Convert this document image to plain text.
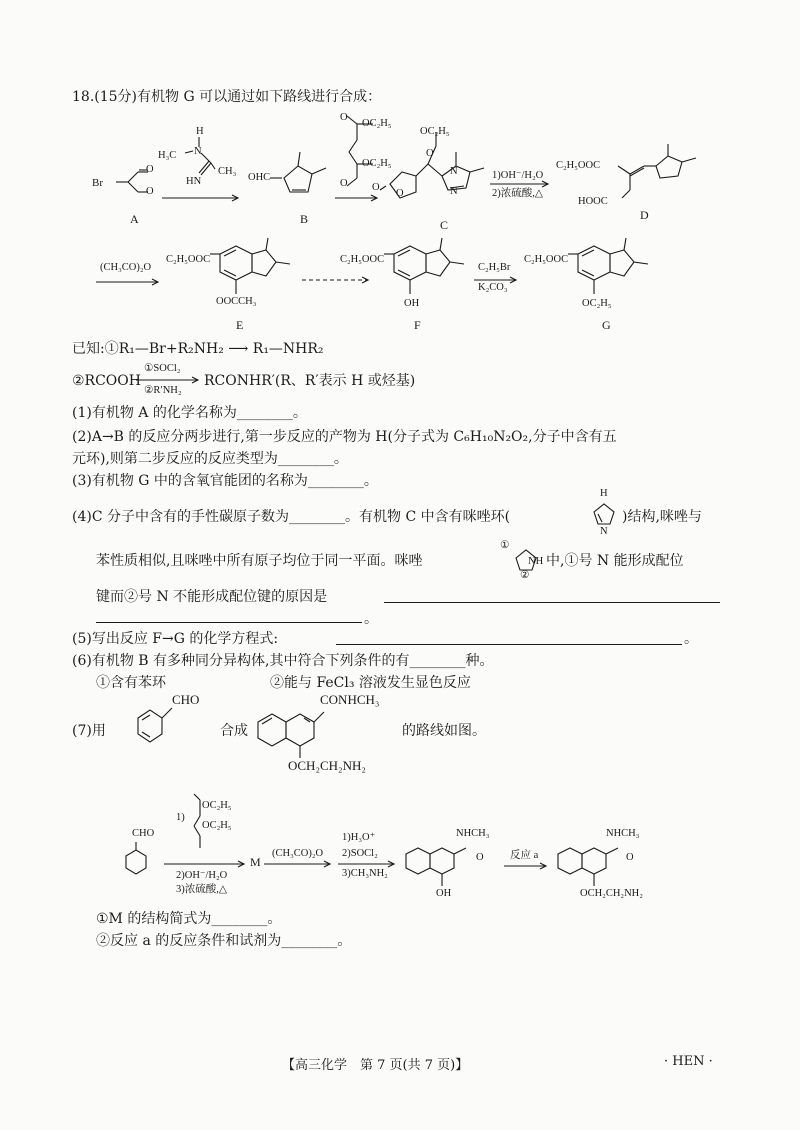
18.(15分)有机物 G 可以通过如下路线进行合成：
Br
O
O
A
H
N
H₃C
HN
CH₃
OHC
B
OC₂H₅
OC₂H₅
O
O
OC₂H₅
O
O
O	N
N
C
1)OH⁻/H₂O
2)浓硫酸,△
C₂H₅OOC
HOOC
D
(CH₃CO)₂O
C₂H₅OOC
OOCCH₃
E
C₂H₅OOC
OH
F
C₂H₅Br
K₂CO₃
C₂H₅OOC
OC₂H₅
G
已知:①R₁—Br+R₂NH₂ ⟶ R₁—NHR₂
①SOCl₂
②RCOOH
②R′NH₂
RCONHR′(R、R′表示 H 或烃基)
(1)有机物 A 的化学名称为________。
(2)A→B 的反应分两步进行,第一步反应的产物为 H(分子式为 C₆H₁₀N₂O₂,分子中含有五
元环),则第二步反应的反应类型为________。
(3)有机物 G 中的含氧官能团的名称为________。
(4)C 分子中含有的手性碳原子数为________。有机物 C 中含有咪唑环(
H
N
)结构,咪唑与
苯性质相似,且咪唑中所有原子均位于同一平面。咪唑
①
NH
②
中,①号 N 能形成配位
键而②号 N 不能形成配位键的原因是
。
(5)写出反应 F→G 的化学方程式:	。
(6)有机物 B 有多种同分异构体,其中符合下列条件的有________种。
①含有苯环	②能与 FeCl₃ 溶液发生显色反应
(7)用
CHO
合成
CONHCH₃
OCH₂CH₂NH₂
的路线如图。
CHO
1)
OC₂H₅
OC₂H₅
2)OH⁻/H₂O
3)浓硫酸,△
M
(CH₃CO)₂O
1)H₃O⁺
2)SOCl₂
3)CH₃NH₂
NHCH₃
O
OH
反应 a
NHCH₃
O
OCH₂CH₂NH₂
①M 的结构简式为________。
②反应 a 的反应条件和试剂为________。
【高三化学　第 7 页(共 7 页)】	· HEN ·
